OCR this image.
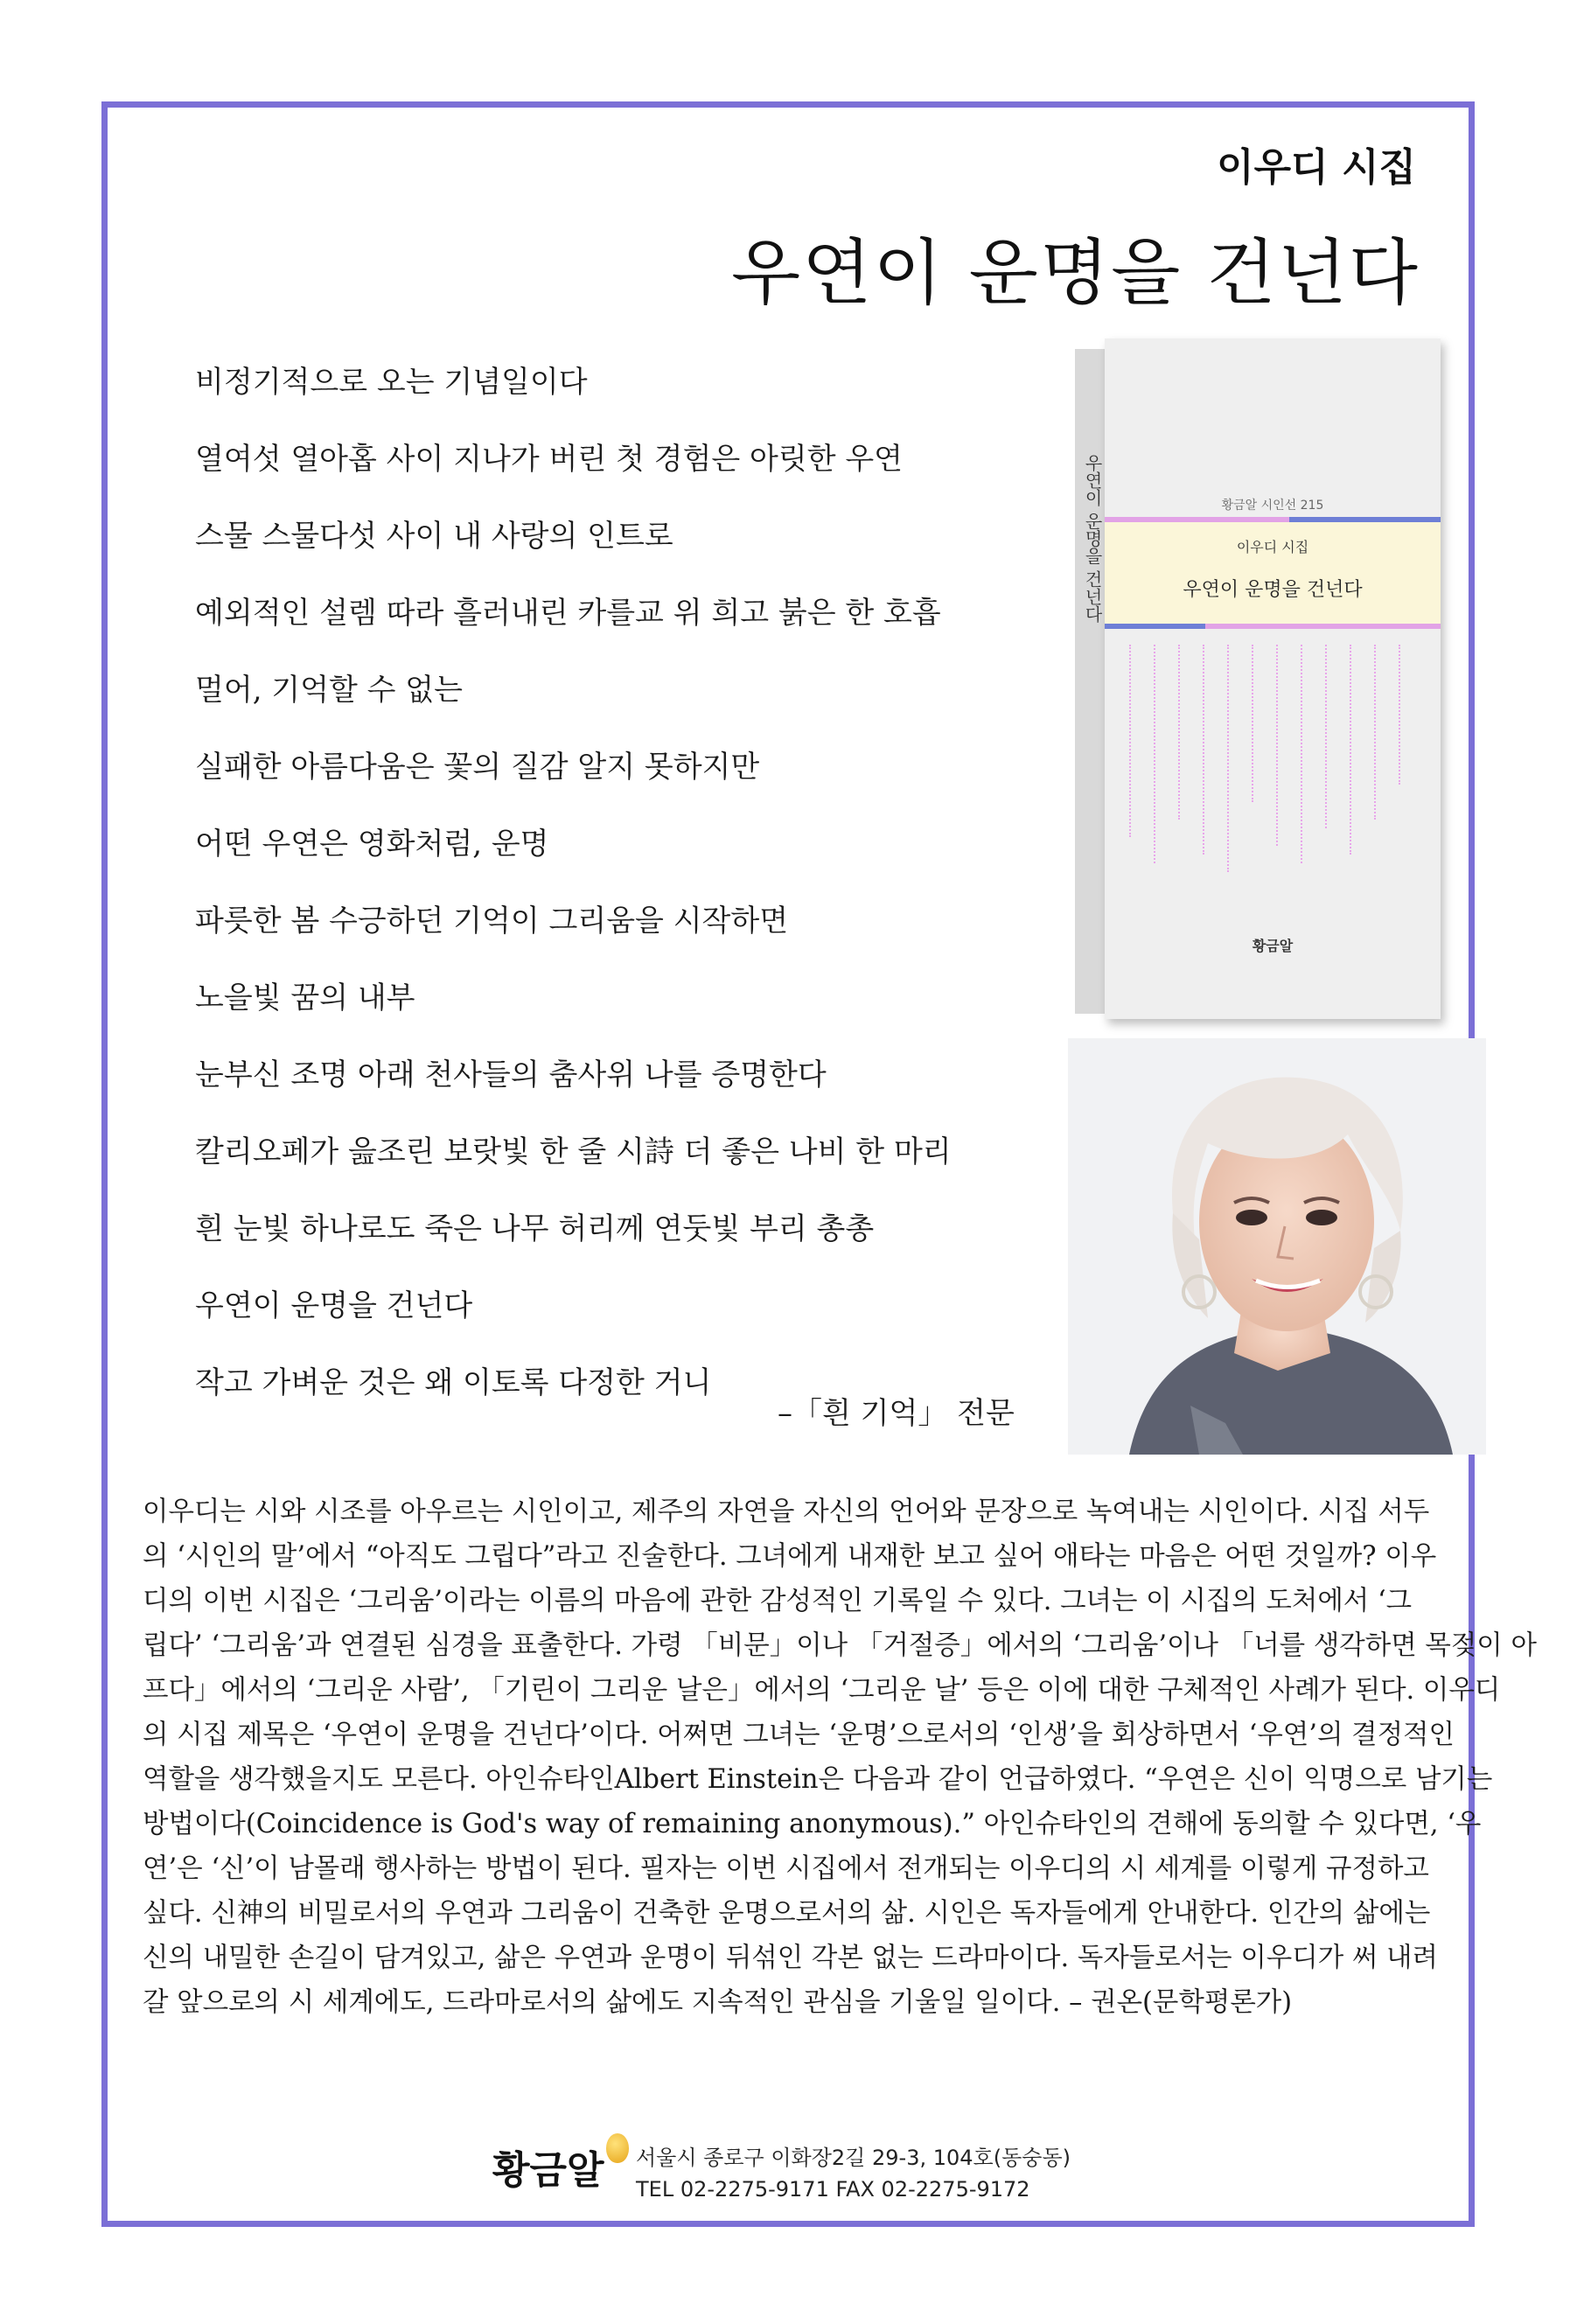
이우디 시집
우연이 운명을 건넌다
비정기적으로 오는 기념일이다
열여섯 열아홉 사이 지나가 버린 첫 경험은 아릿한 우연
스물 스물다섯 사이 내 사랑의 인트로
예외적인 설렘 따라 흘러내린 카를교 위 희고 붉은 한 호흡
멀어, 기억할 수 없는
실패한 아름다움은 꽃의 질감 알지 못하지만
어떤 우연은 영화처럼, 운명
파릇한 봄 수긍하던 기억이 그리움을 시작하면
노을빛 꿈의 내부
눈부신 조명 아래 천사들의 춤사위 나를 증명한다
칼리오페가 읊조린 보랏빛 한 줄 시詩 더 좋은 나비 한 마리
흰 눈빛 하나로도 죽은 나무 허리께 연둣빛 부리 총총
우연이 운명을 건넌다
작고 가벼운 것은 왜 이토록 다정한 거니
–「흰 기억」 전문
우연이 운명을 건넌다	황금알 시인선 215
이우디 시집
우연이 운명을 건넌다
황금알
이우디는 시와 시조를 아우르는 시인이고, 제주의 자연을 자신의 언어와 문장으로 녹여내는 시인이다. 시집 서두
의 ‘시인의 말’에서 “아직도 그립다”라고 진술한다. 그녀에게 내재한 보고 싶어 애타는 마음은 어떤 것일까? 이우
디의 이번 시집은 ‘그리움’이라는 이름의 마음에 관한 감성적인 기록일 수 있다. 그녀는 이 시집의 도처에서 ‘그
립다’ ‘그리움’과 연결된 심경을 표출한다. 가령 「비문」이나 「거절증」에서의 ‘그리움’이나 「너를 생각하면 목젖이 아
프다」에서의 ‘그리운 사람’, 「기린이 그리운 날은」에서의 ‘그리운 날’ 등은 이에 대한 구체적인 사례가 된다. 이우디
의 시집 제목은 ‘우연이 운명을 건넌다’이다. 어쩌면 그녀는 ‘운명’으로서의 ‘인생’을 회상하면서 ‘우연’의 결정적인
역할을 생각했을지도 모른다. 아인슈타인Albert Einstein은 다음과 같이 언급하였다. “우연은 신이 익명으로 남기는
방법이다(Coincidence is God's way of remaining anonymous).” 아인슈타인의 견해에 동의할 수 있다면, ‘우
연’은 ‘신’이 남몰래 행사하는 방법이 된다. 필자는 이번 시집에서 전개되는 이우디의 시 세계를 이렇게 규정하고
싶다. 신神의 비밀로서의 우연과 그리움이 건축한 운명으로서의 삶. 시인은 독자들에게 안내한다. 인간의 삶에는
신의 내밀한 손길이 담겨있고, 삶은 우연과 운명이 뒤섞인 각본 없는 드라마이다. 독자들로서는 이우디가 써 내려
갈 앞으로의 시 세계에도, 드라마로서의 삶에도 지속적인 관심을 기울일 일이다. – 권온(문학평론가)
황금알	서울시 종로구 이화장2길 29-3, 104호(동숭동)
TEL 02-2275-9171 FAX 02-2275-9172
